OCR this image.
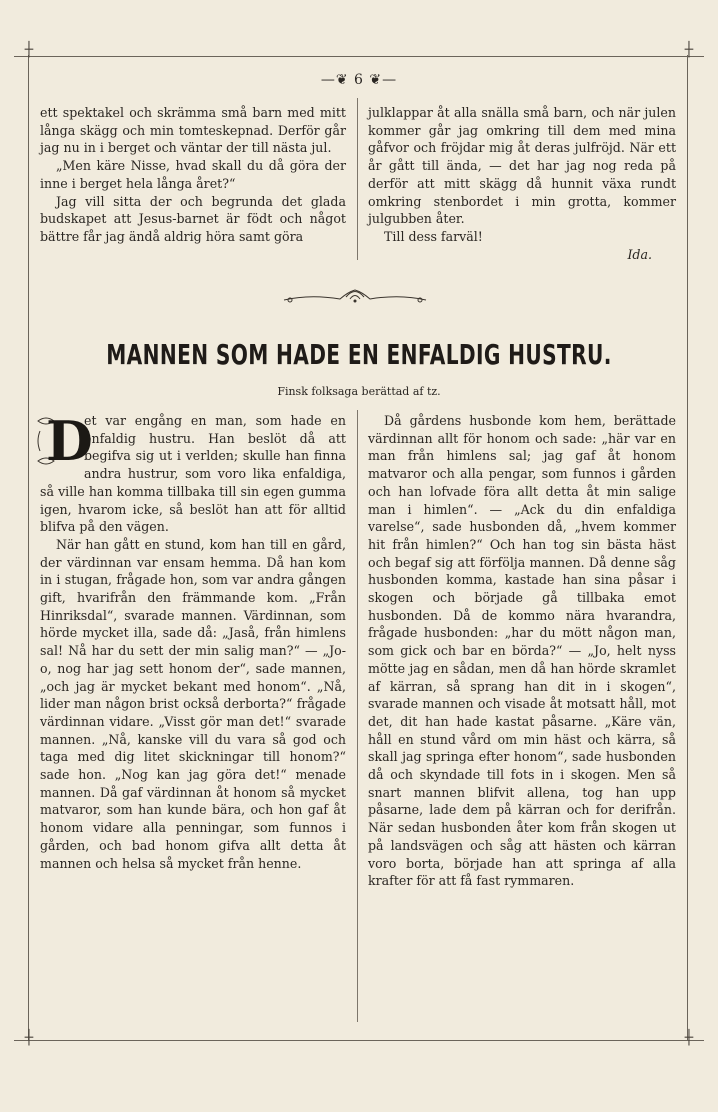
┼	┼
┼	┼
—❦ 6 ❦—

ett spektakel och skrämma små barn med mitt långa skägg och min tomteskepnad. Derför går jag nu in i berget och väntar der till nästa jul.

„Men käre Nisse, hvad skall du då göra der inne i berget hela långa året?“

Jag vill sitta der och begrunda det glada budskapet att Jesus-barnet är födt och något bättre får jag ändå aldrig höra samt göra

julklappar åt alla snälla små barn, och när julen kommer går jag omkring till dem med mina gåfvor och fröjdar mig åt deras julfröjd. När ett år gått till ända, — det har jag nog reda på derför att mitt skägg då hunnit växa rundt omkring stenbordet i min grotta, kommer julgubben åter.

Till dess farväl!

Ida.

MANNEN SOM HADE EN ENFALDIG HUSTRU.
Finsk folksaga berättad af tz.
D

et var engång en man, som hade en enfaldig hustru. Han beslöt då att begifva sig ut i verlden; skulle han finna andra hustrur, som voro lika enfaldiga, så ville han komma tillbaka till sin egen gumma igen, hvarom icke, så beslöt han att för alltid blifva på den vägen.

När han gått en stund, kom han till en gård, der värdinnan var ensam hemma. Då han kom in i stugan, frågade hon, som var andra gången gift, hvarifrån den främmande kom. „Från Hinriksdal“, svarade mannen. Värdinnan, som hörde mycket illa, sade då: „Jaså, från himlens sal! Nå har du sett der min salig man?“ — „Jo-o, nog har jag sett honom der“, sade mannen, „och jag är mycket bekant med honom“. „Nå, lider man någon brist också derborta?“ frågade värdinnan vidare. „Visst gör man det!“ svarade mannen. „Nå, kanske vill du vara så god och taga med dig litet skickningar till honom?“ sade hon. „Nog kan jag göra det!“ menade mannen. Då gaf värdinnan åt honom så mycket matvaror, som han kunde bära, och hon gaf åt honom vidare alla penningar, som funnos i gården, och bad honom gifva allt detta åt mannen och helsa så mycket från henne.

Då gårdens husbonde kom hem, berättade värdinnan allt för honom och sade: „här var en man från himlens sal; jag gaf åt honom matvaror och alla pengar, som funnos i gården och han lofvade föra allt detta åt min salige man i himlen“. — „Ack du din enfaldiga varelse“, sade husbonden då, „hvem kommer hit från himlen?“ Och han tog sin bästa häst och begaf sig att förfölja mannen. Då denne såg husbonden komma, kastade han sina påsar i skogen och började gå tillbaka emot husbonden. Då de kommo nära hvarandra, frågade husbonden: „har du mött någon man, som gick och bar en börda?“ — „Jo, helt nyss mötte jag en sådan, men då han hörde skramlet af kärran, så sprang han dit in i skogen“, svarade mannen och visade åt motsatt håll, mot det, dit han hade kastat påsarne. „Käre vän, håll en stund vård om min häst och kärra, så skall jag springa efter honom“, sade husbonden då och skyndade till fots in i skogen. Men så snart mannen blifvit allena, tog han upp påsarne, lade dem på kärran och for derifrån. När sedan husbonden åter kom från skogen ut på landsvägen och såg att hästen och kärran voro borta, började han att springa af alla krafter för att få fast rymmaren.
